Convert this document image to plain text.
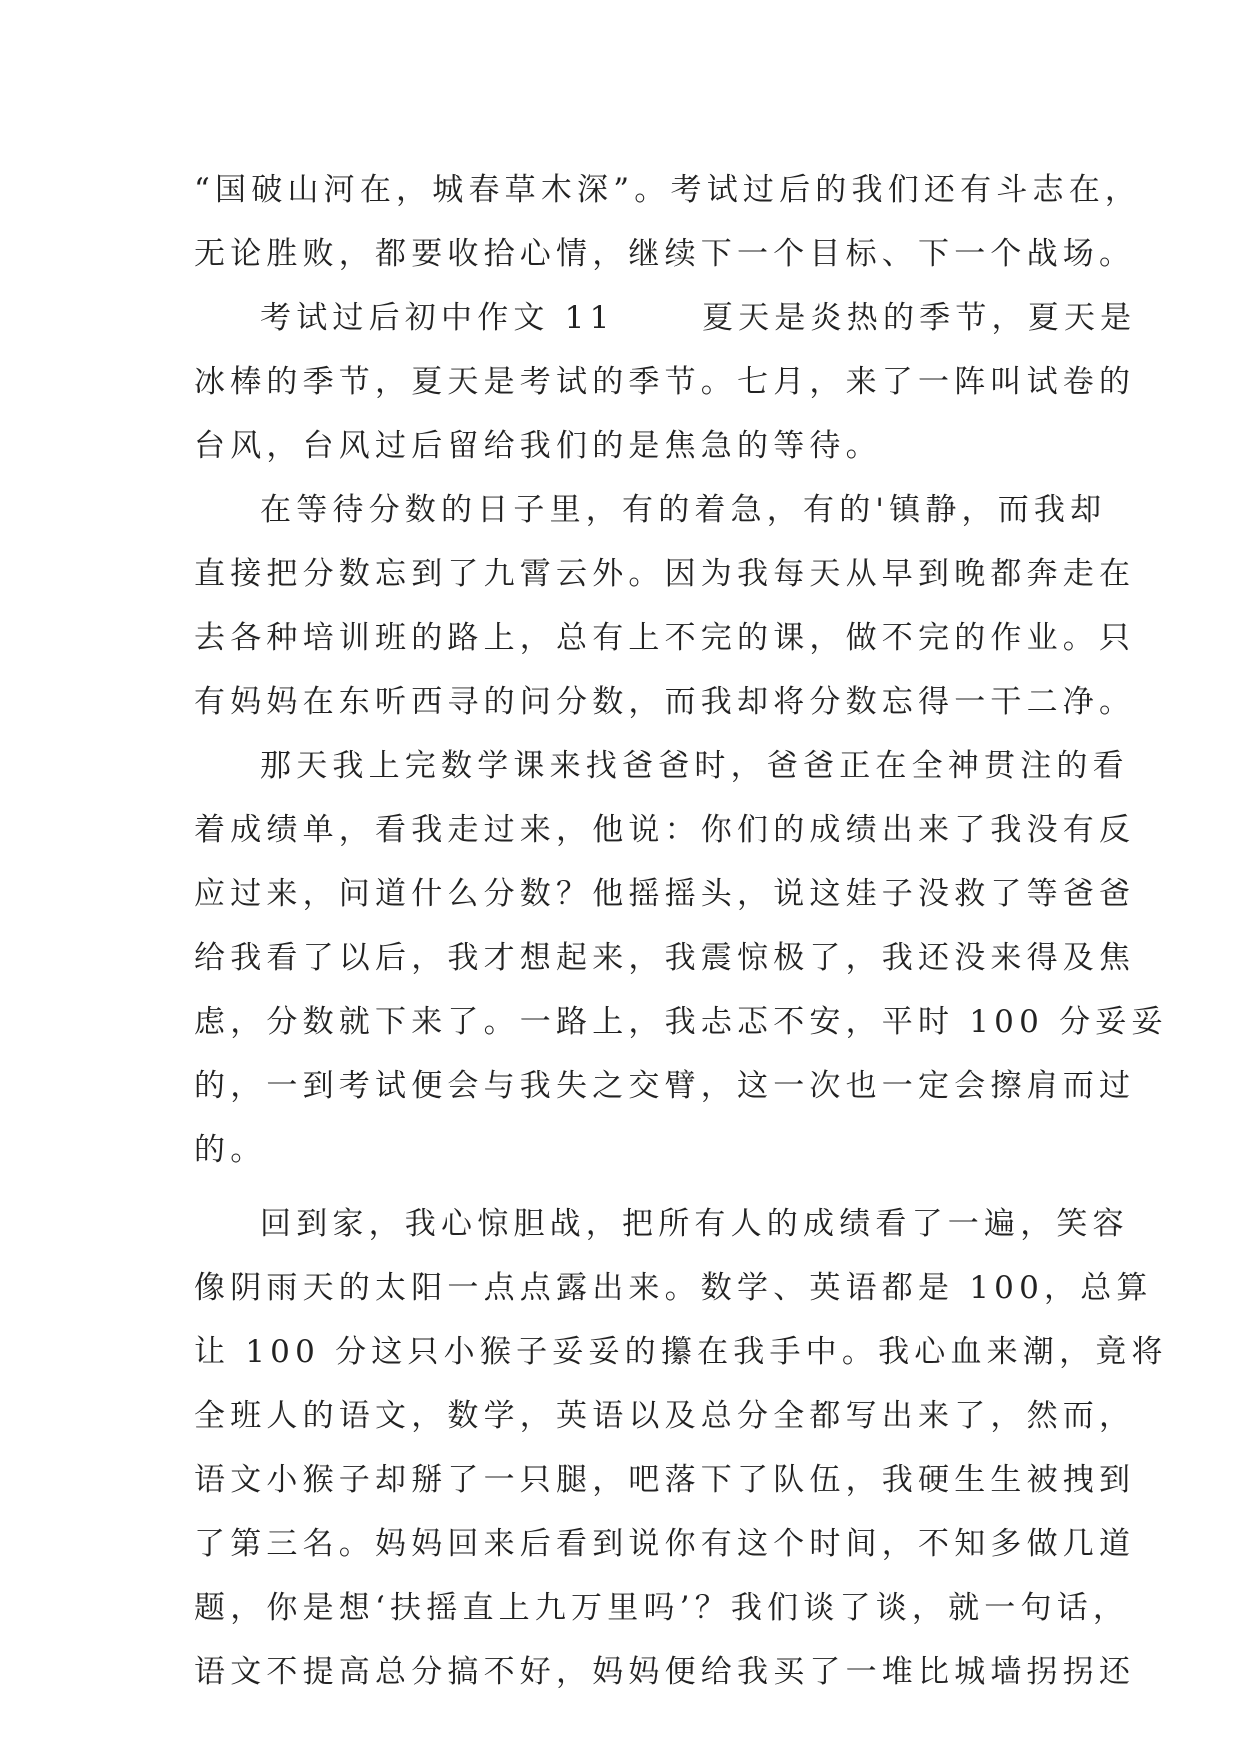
“国破山河在，城春草木深”。考试过后的我们还有斗志在，
无论胜败，都要收拾心情，继续下一个目标、下一个战场。
考试过后初中作文 11　　 夏天是炎热的季节，夏天是
冰棒的季节，夏天是考试的季节。七月，来了一阵叫试卷的
台风，台风过后留给我们的是焦急的等待。
在等待分数的日子里，有的着急，有的'镇静，而我却
直接把分数忘到了九霄云外。因为我每天从早到晚都奔走在
去各种培训班的路上，总有上不完的课，做不完的作业。只
有妈妈在东听西寻的问分数，而我却将分数忘得一干二净。
那天我上完数学课来找爸爸时，爸爸正在全神贯注的看
着成绩单，看我走过来，他说：你们的成绩出来了我没有反
应过来，问道什么分数？他摇摇头，说这娃子没救了等爸爸
给我看了以后，我才想起来，我震惊极了，我还没来得及焦
虑，分数就下来了。一路上，我忐忑不安，平时 100 分妥妥
的，一到考试便会与我失之交臂，这一次也一定会擦肩而过
的。
回到家，我心惊胆战，把所有人的成绩看了一遍，笑容
像阴雨天的太阳一点点露出来。数学、英语都是 100，总算
让 100 分这只小猴子妥妥的攥在我手中。我心血来潮，竟将
全班人的语文，数学，英语以及总分全都写出来了，然而，
语文小猴子却掰了一只腿，吧落下了队伍，我硬生生被拽到
了第三名。妈妈回来后看到说你有这个时间，不知多做几道
题，你是想‘扶摇直上九万里吗’？我们谈了谈，就一句话，
语文不提高总分搞不好，妈妈便给我买了一堆比城墙拐拐还
